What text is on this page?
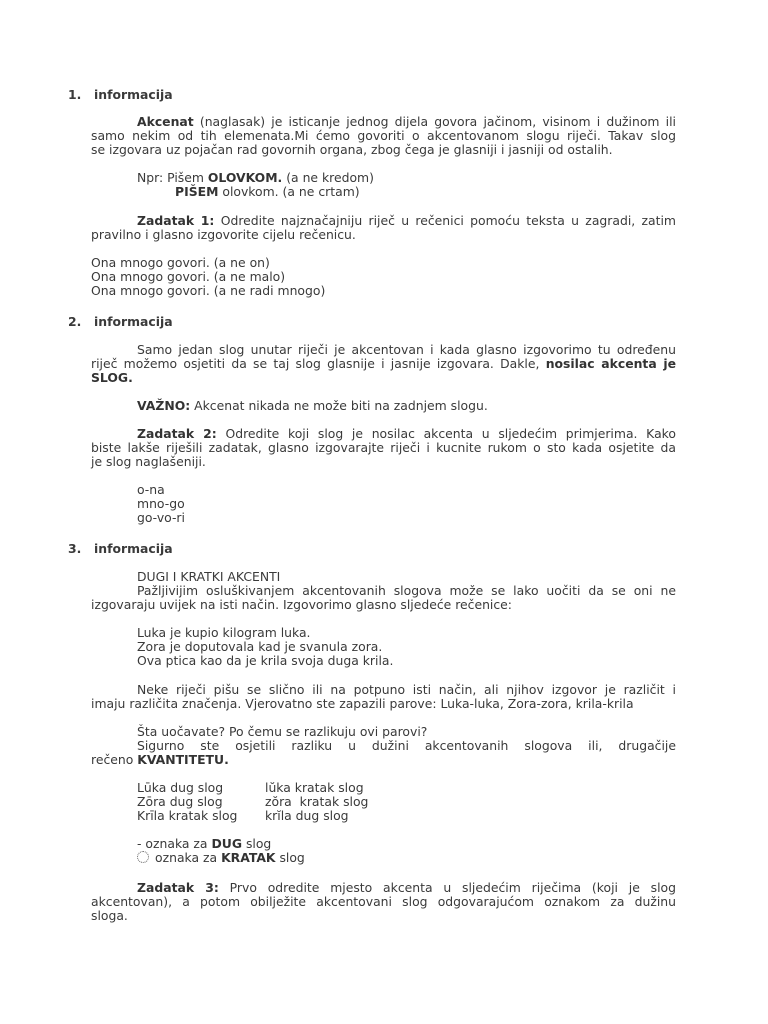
1. informacija
Akcenat (naglasak) je isticanje jednog dijela govora jačinom, visinom i dužinom ili
samo nekim od tih elemenata.Mi ćemo govoriti o akcentovanom slogu riječi. Takav slog
se izgovara uz pojačan rad govornih organa, zbog čega je glasniji i jasniji od ostalih.
Npr: Pišem OLOVKOM. (a ne kredom)
PIŠEM olovkom. (a ne crtam)
Zadatak 1: Odredite najznačajniju riječ u rečenici pomoću teksta u zagradi, zatim
pravilno i glasno izgovorite cijelu rečenicu.
Ona mnogo govori. (a ne on)
Ona mnogo govori. (a ne malo)
Ona mnogo govori. (a ne radi mnogo)
2. informacija
Samo jedan slog unutar riječi je akcentovan i kada glasno izgovorimo tu određenu
riječ možemo osjetiti da se taj slog glasnije i jasnije izgovara. Dakle, nosilac akcenta je
SLOG.
VAŽNO: Akcenat nikada ne može biti na zadnjem slogu.
Zadatak 2: Odredite koji slog je nosilac akcenta u sljedećim primjerima. Kako
biste lakše riješili zadatak, glasno izgovarajte riječi i kucnite rukom o sto kada osjetite da
je slog naglašeniji.
o-na
mno-go
go-vo-ri
3. informacija
DUGI I KRATKI AKCENTI
Pažljivijim osluškivanjem akcentovanih slogova može se lako uočiti da se oni ne
izgovaraju uvijek na isti način. Izgovorimo glasno sljedeće rečenice:
Luka je kupio kilogram luka.
Zora je doputovala kad je svanula zora.
Ova ptica kao da je krila svoja duga krila.
Neke riječi pišu se slično ili na potpuno isti način, ali njihov izgovor je različit i
imaju različita značenja. Vjerovatno ste zapazili parove: Luka-luka, Zora-zora, krila-krila
Šta uočavate? Po čemu se razlikuju ovi parovi?
Sigurno ste osjetili razliku u dužini akcentovanih slogova ili, drugačije
rečeno KVANTITETU.
Lūka dug slog
Zōra dug slog
Krīla kratak slog
lŭka kratak slog
zŏra  kratak slog
krĭla dug slog
- oznaka za DUG slog
oznaka za KRATAK slog
Zadatak 3: Prvo odredite mjesto akcenta u sljedećim riječima (koji je slog
akcentovan), a potom obilježite akcentovani slog odgovarajućom oznakom za dužinu
sloga.
